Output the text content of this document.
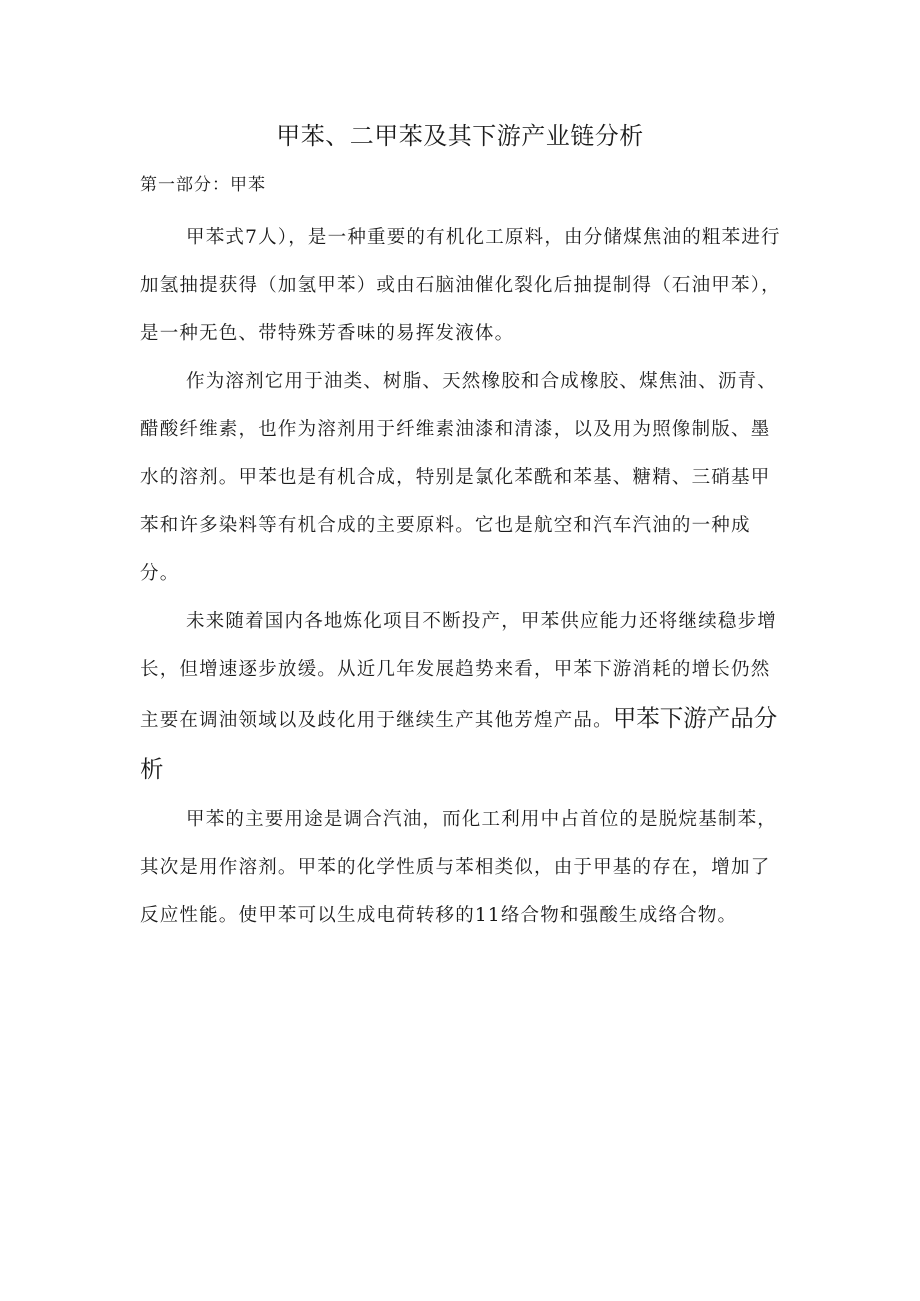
甲苯、二甲苯及其下游产业链分析

第一部分：甲苯

甲苯式7人），是一种重要的有机化工原料，由分储煤焦油的粗苯进行加氢抽提获得（加氢甲苯）或由石脑油催化裂化后抽提制得（石油甲苯），是一种无色、带特殊芳香味的易挥发液体。

作为溶剂它用于油类、树脂、天然橡胶和合成橡胶、煤焦油、沥青、醋酸纤维素，也作为溶剂用于纤维素油漆和清漆，以及用为照像制版、墨水的溶剂。甲苯也是有机合成，特别是氯化苯酰和苯基、糖精、三硝基甲苯和许多染料等有机合成的主要原料。它也是航空和汽车汽油的一种成分。

未来随着国内各地炼化项目不断投产，甲苯供应能力还将继续稳步增长，但增速逐步放缓。从近几年发展趋势来看，甲苯下游消耗的增长仍然主要在调油领域以及歧化用于继续生产其他芳煌产品。甲苯下游产品分析

甲苯的主要用途是调合汽油，而化工利用中占首位的是脱烷基制苯，其次是用作溶剂。甲苯的化学性质与苯相类似，由于甲基的存在，增加了反应性能。使甲苯可以生成电荷转移的11络合物和强酸生成络合物。
